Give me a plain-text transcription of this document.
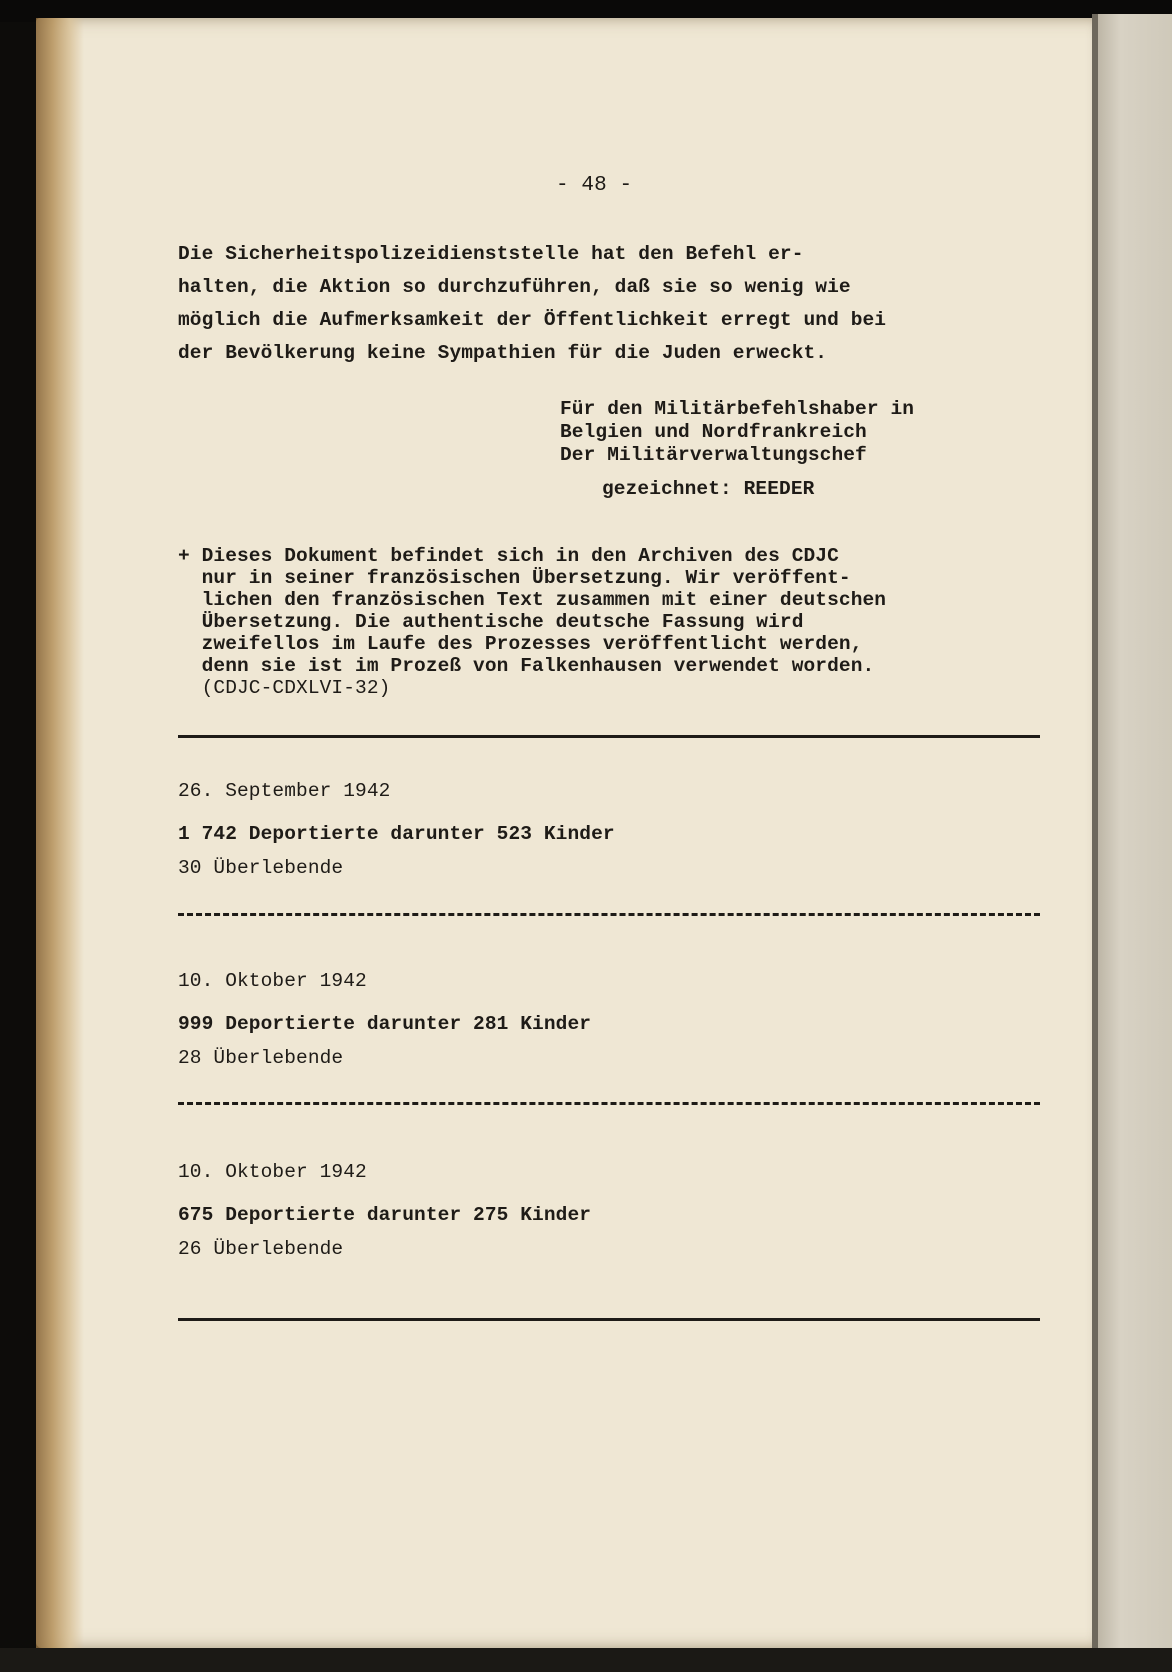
- 48 -
Die Sicherheitspolizeidienststelle hat den Befehl er-
halten, die Aktion so durchzuführen, daß sie so wenig wie
möglich die Aufmerksamkeit der Öffentlichkeit erregt und bei
der Bevölkerung keine Sympathien für die Juden erweckt.
Für den Militärbefehlshaber in
Belgien und Nordfrankreich
Der Militärverwaltungschef
gezeichnet: REEDER
+ Dieses Dokument befindet sich in den Archiven des CDJC
nur in seiner französischen Übersetzung. Wir veröffent-
lichen den französischen Text zusammen mit einer deutschen
Übersetzung. Die authentische deutsche Fassung wird
zweifellos im Laufe des Prozesses veröffentlicht werden,
denn sie ist im Prozeß von Falkenhausen verwendet worden.
(CDJC-CDXLVI-32)
26. September 1942
1 742 Deportierte darunter 523 Kinder
30 Überlebende
10. Oktober 1942
999 Deportierte darunter 281 Kinder
28 Überlebende
10. Oktober 1942
675 Deportierte darunter 275 Kinder
26 Überlebende
